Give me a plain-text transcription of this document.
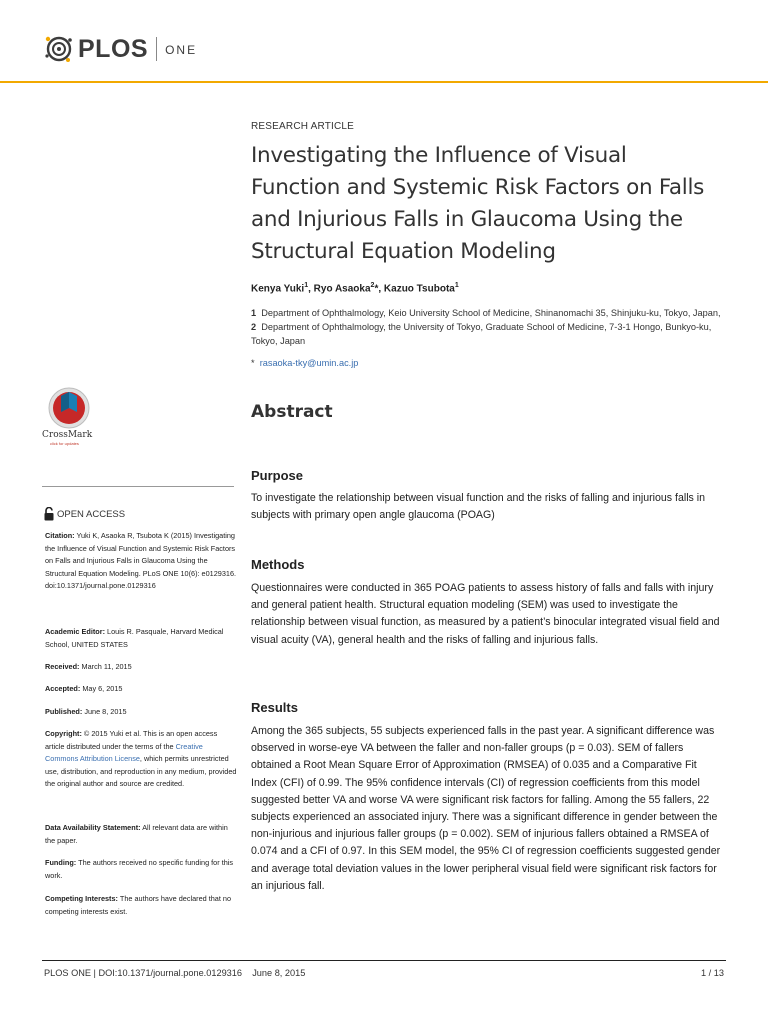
PLOS ONE
RESEARCH ARTICLE
Investigating the Influence of Visual Function and Systemic Risk Factors on Falls and Injurious Falls in Glaucoma Using the Structural Equation Modeling
Kenya Yuki$^1$, Ryo Asaoka$^2$*, Kazuo Tsubota$^1$
1 Department of Ophthalmology, Keio University School of Medicine, Shinanomachi 35, Shinjuku-ku, Tokyo, Japan, 2 Department of Ophthalmology, the University of Tokyo, Graduate School of Medicine, 7-3-1 Hongo, Bunkyo-ku, Tokyo, Japan
* rasaoka-tky@umin.ac.jp
Abstract
Purpose

To investigate the relationship between visual function and the risks of falling and injurious falls in subjects with primary open angle glaucoma (POAG)

Methods

Questionnaires were conducted in 365 POAG patients to assess history of falls and falls with injury and general patient health. Structural equation modeling (SEM) was used to investigate the relationship between visual function, as measured by a patient’s binocular integrated visual field and visual acuity (VA), general health and the risks of falling and injurious falls.

Results

Among the 365 subjects, 55 subjects experienced falls in the past year. A significant difference was observed in worse-eye VA between the faller and non-faller groups (p = 0.03). SEM of fallers obtained a Root Mean Square Error of Approximation (RMSEA) of 0.035 and a Comparative Fit Index (CFI) of 0.99. The 95% confidence intervals (CI) of regression coefficients from this model suggested better VA and worse VA were significant risk factors for falling. Among the 55 fallers, 22 subjects experienced an associated injury. There was a significant difference in gender between the non-injurious and injurious faller groups (p = 0.002). SEM of injurious fallers obtained a RMSEA of 0.074 and a CFI of 0.97. In this SEM model, the 95% CI of regression coefficients suggested gender and average total deviation values in the lower peripheral visual field were significant risk factors for an injurious fall.

CrossMark
click for updates
OPEN ACCESS
Citation: Yuki K, Asaoka R, Tsubota K (2015) Investigating the Influence of Visual Function and Systemic Risk Factors on Falls and Injurious Falls in Glaucoma Using the Structural Equation Modeling. PLoS ONE 10(6): e0129316. doi:10.1371/journal.pone.0129316
Academic Editor: Louis R. Pasquale, Harvard Medical School, UNITED STATES
Received: March 11, 2015
Accepted: May 6, 2015
Published: June 8, 2015
Copyright: © 2015 Yuki et al. This is an open access article distributed under the terms of the Creative Commons Attribution License, which permits unrestricted use, distribution, and reproduction in any medium, provided the original author and source are credited.
Data Availability Statement: All relevant data are within the paper.
Funding: The authors received no specific funding for this work.
Competing Interests: The authors have declared that no competing interests exist.
PLOS ONE | DOI:10.1371/journal.pone.0129316    June 8, 2015	1 / 13
